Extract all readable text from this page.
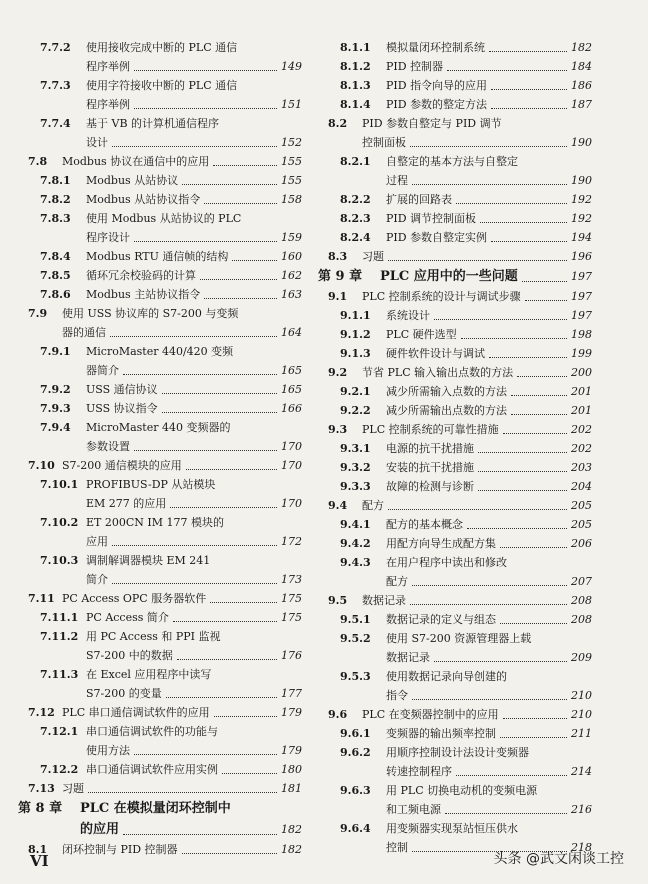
7.7.2 使用接收完成中断的 PLC 通信
程序举例	149
7.7.3 使用字符接收中断的 PLC 通信
程序举例	151
7.7.4 基于 VB 的计算机通信程序
设计	152
7.8 Modbus 协议在通信中的应用	155
7.8.1 Modbus 从站协议	155
7.8.2 Modbus 从站协议指令	158
7.8.3 使用 Modbus 从站协议的 PLC
程序设计	159
7.8.4 Modbus RTU 通信帧的结构	160
7.8.5 循环冗余校验码的计算	162
7.8.6 Modbus 主站协议指令	163
7.9 使用 USS 协议库的 S7-200 与变频
器的通信	164
7.9.1 MicroMaster 440/420 变频
器简介	165
7.9.2 USS 通信协议	165
7.9.3 USS 协议指令	166
7.9.4 MicroMaster 440 变频器的
参数设置	170
7.10 S7-200 通信模块的应用	170
7.10.1 PROFIBUS-DP 从站模块
EM 277 的应用	170
7.10.2 ET 200CN IM 177 模块的
应用	172
7.10.3 调制解调器模块 EM 241
简介	173
7.11 PC Access OPC 服务器软件	175
7.11.1 PC Access 简介	175
7.11.2 用 PC Access 和 PPI 监视
S7-200 中的数据	176
7.11.3 在 Excel 应用程序中读写
S7-200 的变量	177
7.12 PLC 串口通信调试软件的应用	179
7.12.1 串口通信调试软件的功能与
使用方法	179
7.12.2 串口通信调试软件应用实例	180
7.13 习题	181
第 8 章 PLC 在模拟量闭环控制中
的应用	182
8.1 闭环控制与 PID 控制器	182
8.1.1 模拟量闭环控制系统	182
8.1.2 PID 控制器	184
8.1.3 PID 指令向导的应用	186
8.1.4 PID 参数的整定方法	187
8.2 PID 参数自整定与 PID 调节
控制面板	190
8.2.1 自整定的基本方法与自整定
过程	190
8.2.2 扩展的回路表	192
8.2.3 PID 调节控制面板	192
8.2.4 PID 参数自整定实例	194
8.3 习题	196
第 9 章 PLC 应用中的一些问题	197
9.1 PLC 控制系统的设计与调试步骤	197
9.1.1 系统设计	197
9.1.2 PLC 硬件选型	198
9.1.3 硬件软件设计与调试	199
9.2 节省 PLC 输入输出点数的方法	200
9.2.1 减少所需输入点数的方法	201
9.2.2 减少所需输出点数的方法	201
9.3 PLC 控制系统的可靠性措施	202
9.3.1 电源的抗干扰措施	202
9.3.2 安装的抗干扰措施	203
9.3.3 故障的检测与诊断	204
9.4 配方	205
9.4.1 配方的基本概念	205
9.4.2 用配方向导生成配方集	206
9.4.3 在用户程序中读出和修改
配方	207
9.5 数据记录	208
9.5.1 数据记录的定义与组态	208
9.5.2 使用 S7-200 资源管理器上载
数据记录	209
9.5.3 使用数据记录向导创建的
指令	210
9.6 PLC 在变频器控制中的应用	210
9.6.1 变频器的输出频率控制	211
9.6.2 用顺序控制设计法设计变频器
转速控制程序	214
9.6.3 用 PLC 切换电动机的变频电源
和工频电源	216
9.6.4 用变频器实现泵站恒压供水
控制	218
VI	头条 @武文闲谈工控
